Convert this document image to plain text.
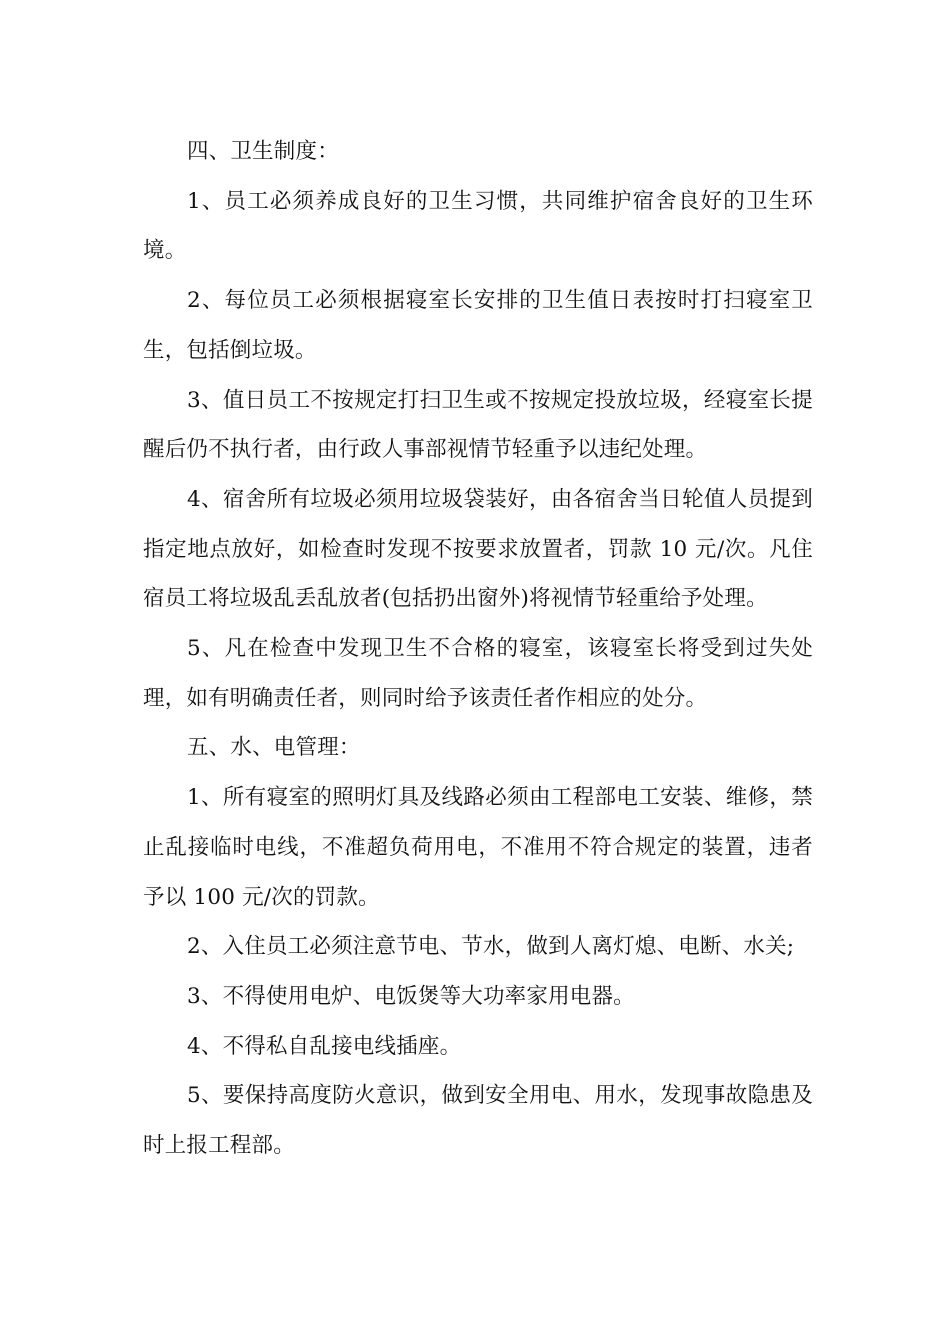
四、卫生制度：

1、员工必须养成良好的卫生习惯，共同维护宿舍良好的卫生环境。

2、每位员工必须根据寝室长安排的卫生值日表按时打扫寝室卫生，包括倒垃圾。

3、值日员工不按规定打扫卫生或不按规定投放垃圾，经寝室长提醒后仍不执行者，由行政人事部视情节轻重予以违纪处理。

4、宿舍所有垃圾必须用垃圾袋装好，由各宿舍当日轮值人员提到指定地点放好，如检查时发现不按要求放置者，罚款 10 元/次。凡住宿员工将垃圾乱丢乱放者(包括扔出窗外)将视情节轻重给予处理。

5、凡在检查中发现卫生不合格的寝室，该寝室长将受到过失处理，如有明确责任者，则同时给予该责任者作相应的处分。

五、水、电管理：

1、所有寝室的照明灯具及线路必须由工程部电工安装、维修，禁止乱接临时电线，不准超负荷用电，不准用不符合规定的装置，违者予以 100 元/次的罚款。

2、入住员工必须注意节电、节水，做到人离灯熄、电断、水关;

3、不得使用电炉、电饭煲等大功率家用电器。

4、不得私自乱接电线插座。

5、要保持高度防火意识，做到安全用电、用水，发现事故隐患及时上报工程部。
